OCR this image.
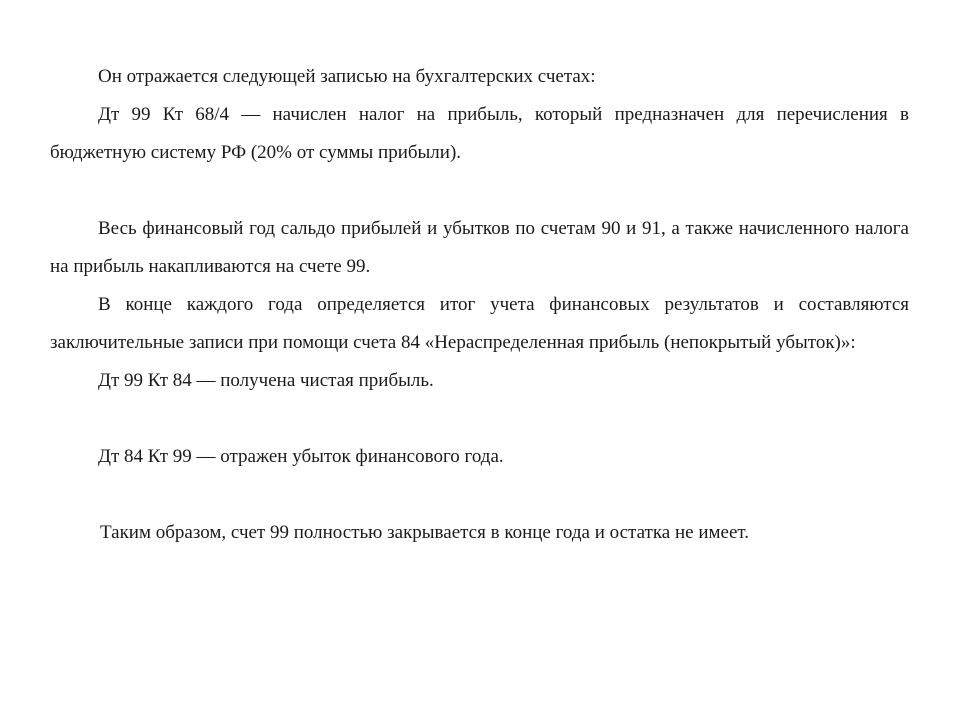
Он отражается следующей записью на бухгалтерских счетах:

Дт 99 Кт 68/4 — начислен налог на прибыль, который предназначен для перечисления в бюджетную систему РФ (20% от суммы прибыли).

Весь финансовый год сальдо прибылей и убытков по счетам 90 и 91, а также начисленного налога на прибыль накапливаются на счете 99.

В конце каждого года определяется итог учета финансовых результатов и составляются заключительные записи при помощи счета 84 «Нераспределенная прибыль (непокрытый убыток)»:

Дт 99 Кт 84 — получена чистая прибыль.

Дт 84 Кт 99 — отражен убыток финансового года.

Таким образом, счет 99 полностью закрывается в конце года и остатка не имеет.
